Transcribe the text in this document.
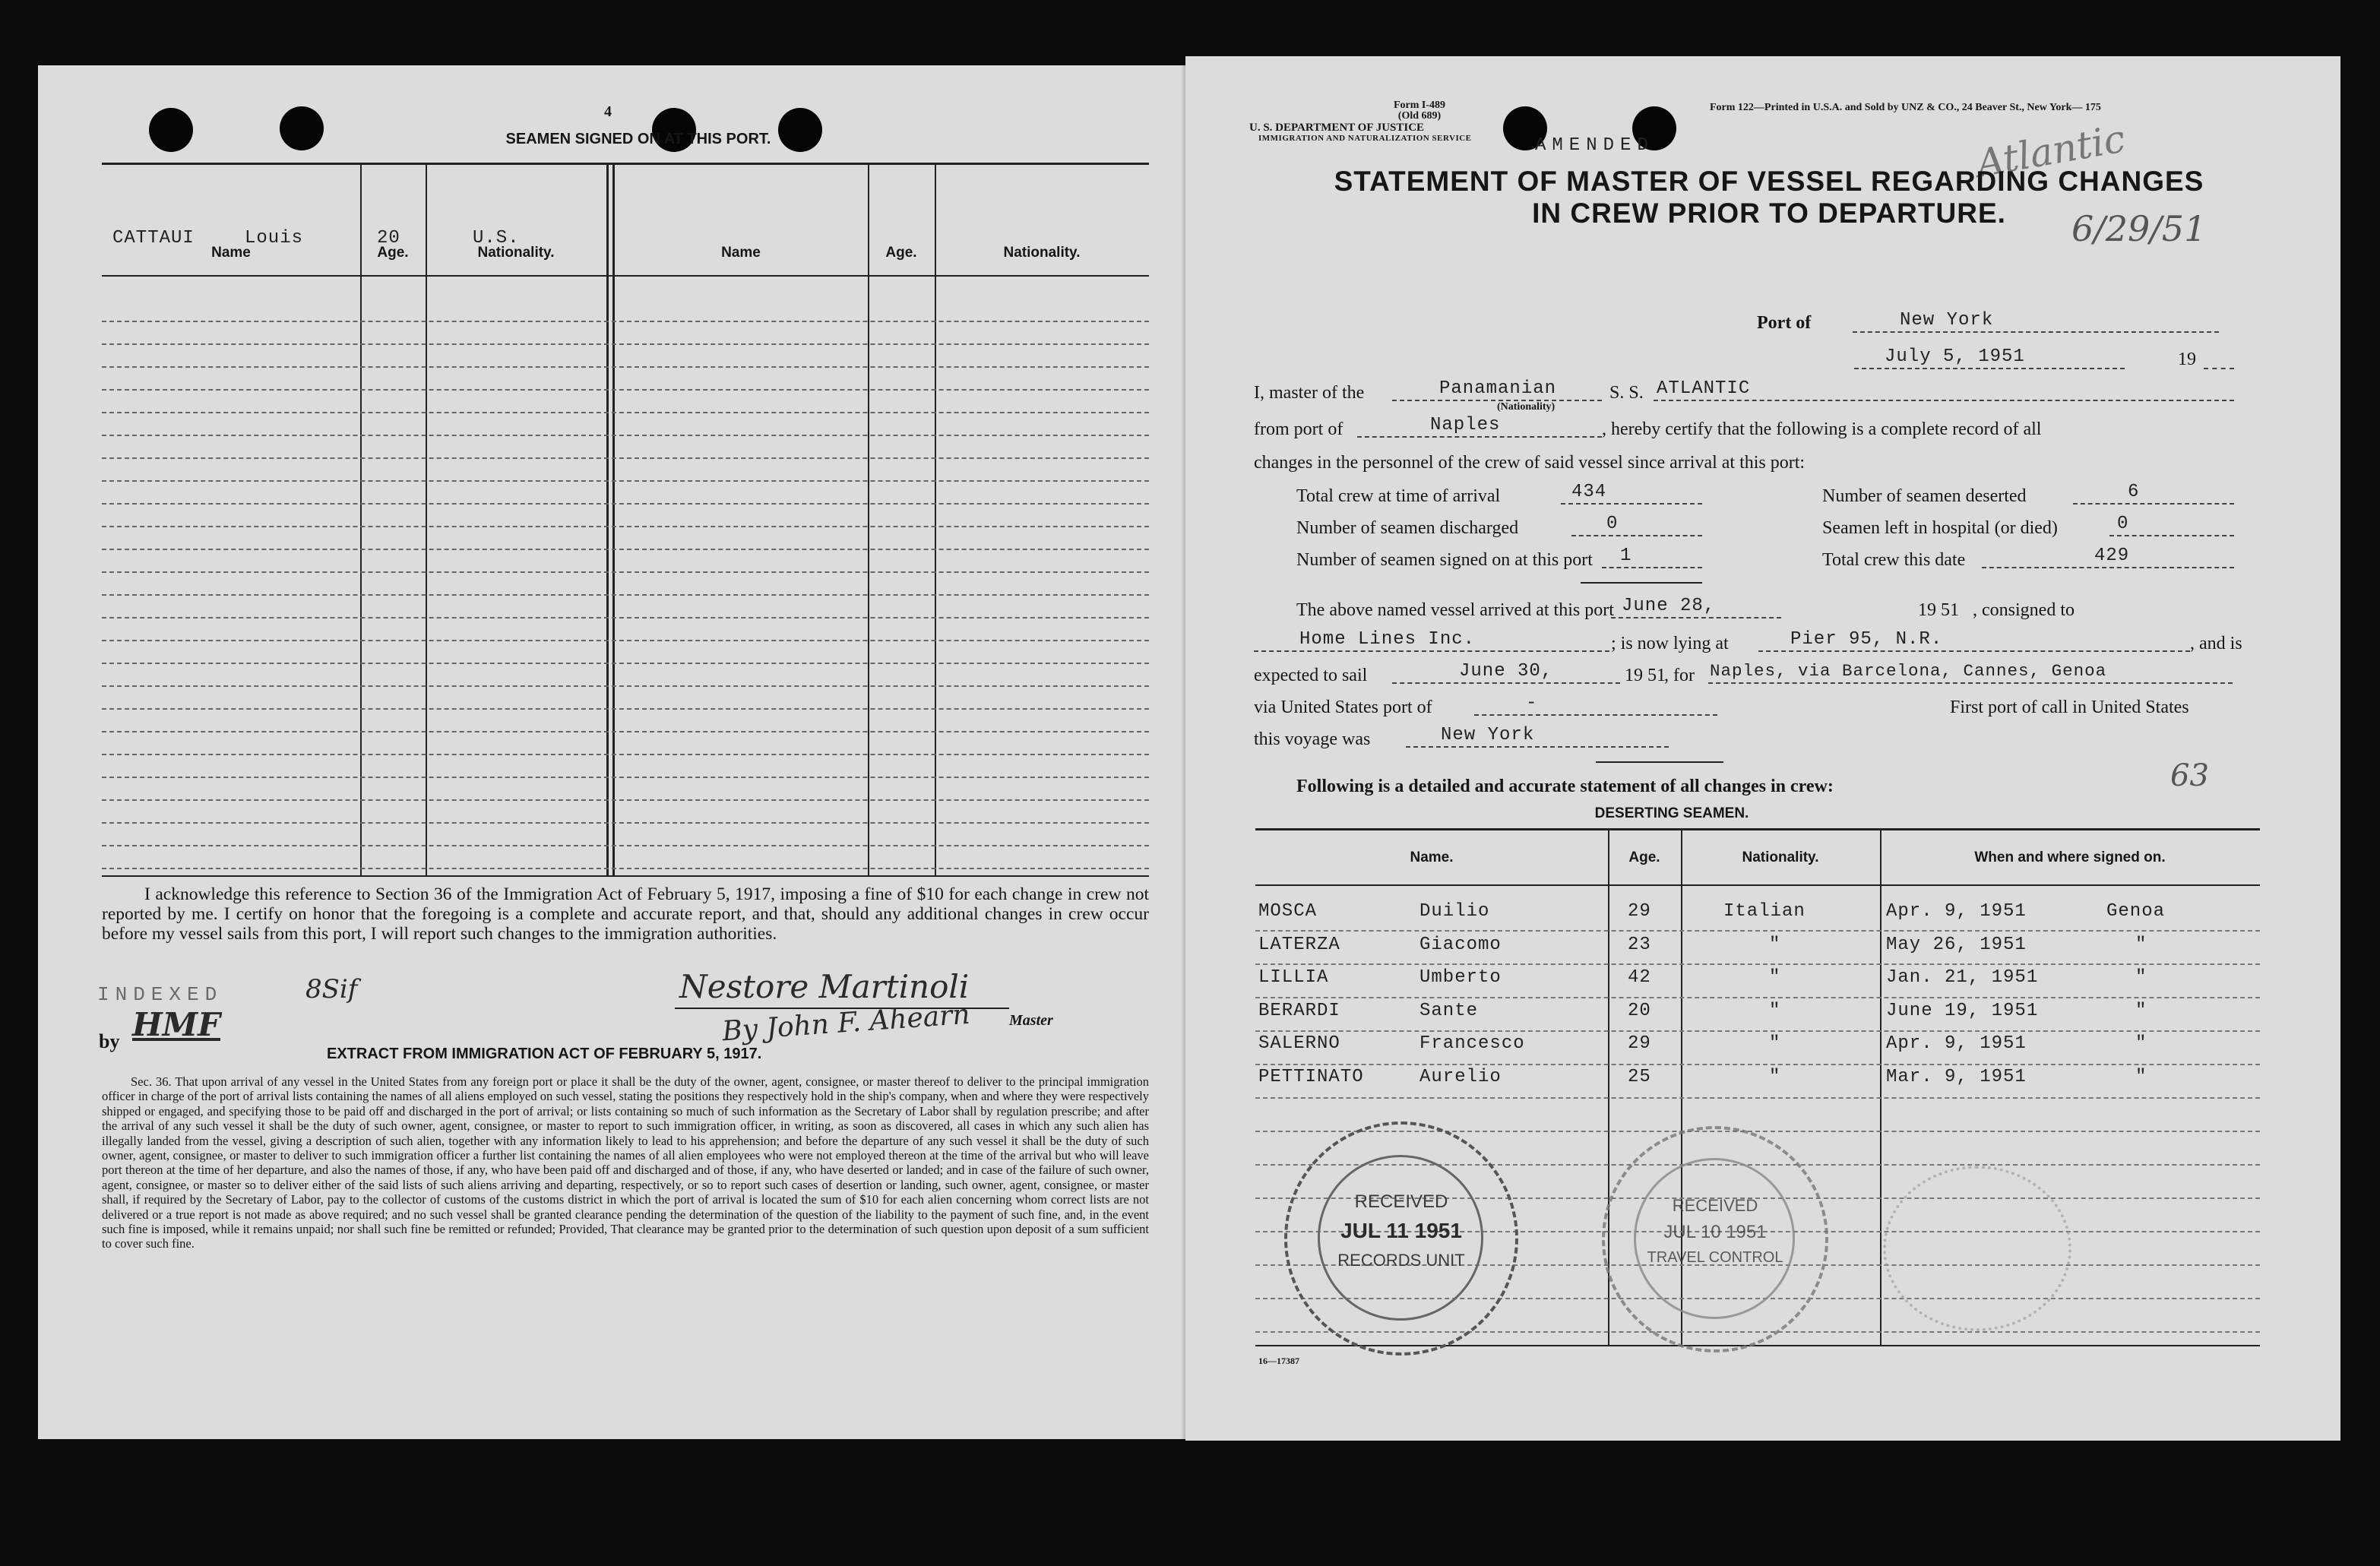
4
SEAMEN SIGNED ON AT THIS PORT.
Name	Age.	Nationality.	Name	Age.	Nationality.
CATTAUI	Louis	20	U.S.
I acknowledge this reference to Section 36 of the Immigration Act of February 5, 1917, imposing a fine of $10 for each change in crew not reported by me. I certify on honor that the foregoing is a complete and accurate report, and that, should any additional changes in crew occur before my vessel sails from this port, I will report such changes to the immigration authorities.
INDEXED	8Sif
by HMF
Nestore Martinoli
By John F. Ahearn	Master
EXTRACT FROM IMMIGRATION ACT OF FEBRUARY 5, 1917.
Sec. 36. That upon arrival of any vessel in the United States from any foreign port or place it shall be the duty of the owner, agent, consignee, or master thereof to deliver to the principal immigration officer in charge of the port of arrival lists containing the names of all aliens employed on such vessel, stating the positions they respectively hold in the ship's company, when and where they were respectively shipped or engaged, and specifying those to be paid off and discharged in the port of arrival; or lists containing so much of such information as the Secretary of Labor shall by regulation prescribe; and after the arrival of any such vessel it shall be the duty of such owner, agent, consignee, or master to report to such immigration officer, in writing, as soon as discovered, all cases in which any such alien has illegally landed from the vessel, giving a description of such alien, together with any information likely to lead to his apprehension; and before the departure of any such vessel it shall be the duty of such owner, agent, consignee, or master to deliver to such immigration officer a further list containing the names of all alien employees who were not employed thereon at the time of the arrival but who will leave port thereon at the time of her departure, and also the names of those, if any, who have been paid off and discharged and of those, if any, who have deserted or landed; and in case of the failure of such owner, agent, consignee, or master so to deliver either of the said lists of such aliens arriving and departing, respectively, or so to report such cases of desertion or landing, such owner, agent, consignee, or master shall, if required by the Secretary of Labor, pay to the collector of customs of the customs district in which the port of arrival is located the sum of $10 for each alien concerning whom correct lists are not delivered or a true report is not made as above required; and no such vessel shall be granted clearance pending the determination of the question of the liability to the payment of such fine, and, in the event such fine is imposed, while it remains unpaid; nor shall such fine be remitted or refunded; Provided, That clearance may be granted prior to the determination of such question upon deposit of a sum sufficient to cover such fine.
Form I-489
(Old 689)
U. S. DEPARTMENT OF JUSTICE
IMMIGRATION AND NATURALIZATION SERVICE
Form 122—Printed in U.S.A. and Sold by UNZ & CO., 24 Beaver St., New York— 175
AMENDED	Atlantic
6/29/51
STATEMENT OF MASTER OF VESSEL REGARDING CHANGES
IN CREW PRIOR TO DEPARTURE.
Port of	New York
July 5, 1951	19
I, master of the	Panamanian
(Nationality)
S. S. ATLANTIC
from port of	Naples	, hereby certify that the following is a complete record of all
changes in the personnel of the crew of said vessel since arrival at this port:
Total crew at time of arrival	434	Number of seamen deserted	6
Number of seamen discharged	0	Seamen left in hospital (or died)	0
Number of seamen signed on at this port 1	Total crew this date	429
The above named vessel arrived at this port June 28,	19 51 , consigned to
Home Lines Inc.	; is now lying at	Pier 95, N.R.	, and is
expected to sail	June 30,	19 51
, for Naples, via Barcelona, Cannes, Genoa
via United States port of	-	First port of call in United States
this voyage was	New York
63
Following is a detailed and accurate statement of all changes in crew:
DESERTING SEAMEN.
Name.	Age.	Nationality.	When and where signed on.
MOSCA	Duilio	29	Italian	Apr. 9, 1951	Genoa
LATERZA	Giacomo	23	"	May 26, 1951	"
LILLIA	Umberto	42	"	Jan. 21, 1951	"
BERARDI	Sante	20	"	June 19, 1951	"
SALERNO	Francesco	29	"	Apr. 9, 1951	"
PETTINATO	Aurelio	25	"	Mar. 9, 1951	"
RECEIVED
JUL 11 1951
RECORDS UNIT
RECEIVED
JUL 10 1951
TRAVEL CONTROL
16—17387
